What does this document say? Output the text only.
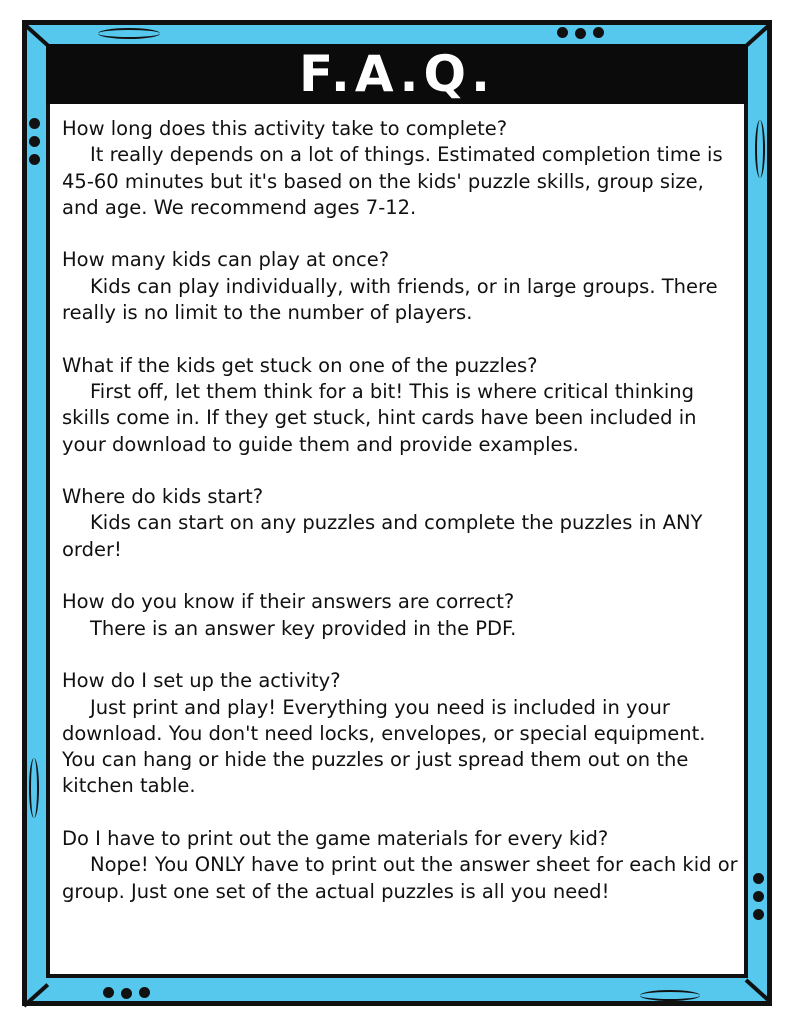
F.A.Q.
How long does this activity take to complete?
It really depends on a lot of things. Estimated completion time is 45-60 minutes but it's based on the kids' puzzle skills, group size, and age. We recommend ages 7-12.
How many kids can play at once?
Kids can play individually, with friends, or in large groups. There really is no limit to the number of players.
What if the kids get stuck on one of the puzzles?
First off, let them think for a bit! This is where critical thinking skills come in. If they get stuck, hint cards have been included in your download to guide them and provide examples.
Where do kids start?
Kids can start on any puzzles and complete the puzzles in ANY order!
How do you know if their answers are correct?
There is an answer key provided in the PDF.
How do I set up the activity?
Just print and play! Everything you need is included in your download. You don't need locks, envelopes, or special equipment. You can hang or hide the puzzles or just spread them out on the kitchen table.
Do I have to print out the game materials for every kid?
Nope! You ONLY have to print out the answer sheet for each kid or group. Just one set of the actual puzzles is all you need!
